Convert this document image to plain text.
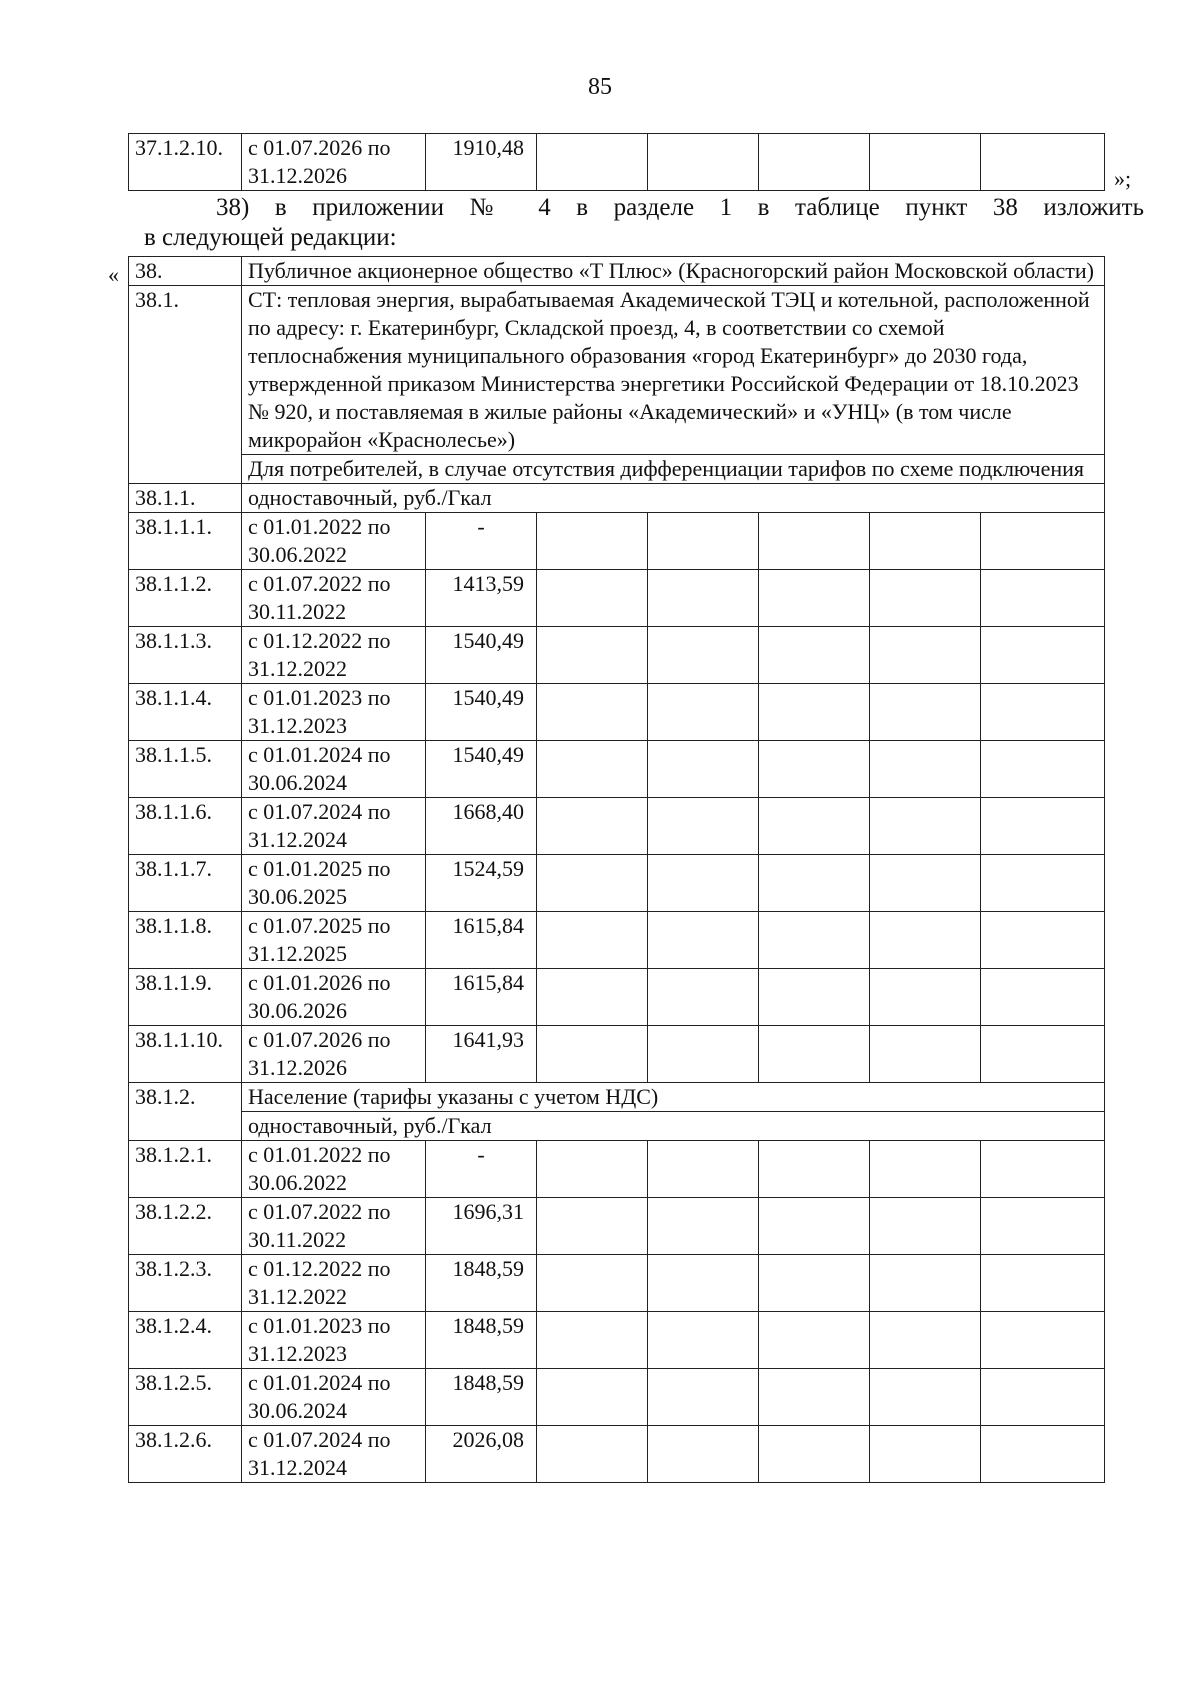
85
37.1.2.10.	с 01.07.2026 по 31.12.2026	1910,48					
»;
38) в приложении № 4 в разделе 1 в таблице пункт 38 изложить
в следующей редакции:
« 38.	Публичное акционерное общество «Т Плюс» (Красногорский район Московской области)						
38.1.	СТ: тепловая энергия, вырабатываемая Академической ТЭЦ и котельной, расположенной по адресу: г. Екатеринбург, Складской проезд, 4, в соответствии со схемой теплоснабжения муниципального образования «город Екатеринбург» до 2030 года, утвержденной приказом Министерства энергетики Российской Федерации от 18.10.2023 № 920, и поставляемая в жилые районы «Академический» и «УНЦ» (в том числе микрорайон «Краснолесье»)						
	Для потребителей, в случае отсутствия дифференциации тарифов по схеме подключения						
38.1.1.	одноставочный, руб./Гкал						
38.1.1.1.	с 01.01.2022 по 30.06.2022	-					
38.1.1.2.	с 01.07.2022 по 30.11.2022	1413,59					
38.1.1.3.	с 01.12.2022 по 31.12.2022	1540,49					
38.1.1.4.	с 01.01.2023 по 31.12.2023	1540,49					
38.1.1.5.	с 01.01.2024 по 30.06.2024	1540,49					
38.1.1.6.	с 01.07.2024 по 31.12.2024	1668,40					
38.1.1.7.	с 01.01.2025 по 30.06.2025	1524,59					
38.1.1.8.	с 01.07.2025 по 31.12.2025	1615,84					
38.1.1.9.	с 01.01.2026 по 30.06.2026	1615,84					
38.1.1.10.	с 01.07.2026 по 31.12.2026	1641,93					
38.1.2.	Население (тарифы указаны с учетом НДС)						
	одноставочный, руб./Гкал						
38.1.2.1.	с 01.01.2022 по 30.06.2022	-					
38.1.2.2.	с 01.07.2022 по 30.11.2022	1696,31					
38.1.2.3.	с 01.12.2022 по 31.12.2022	1848,59					
38.1.2.4.	с 01.01.2023 по 31.12.2023	1848,59					
38.1.2.5.	с 01.01.2024 по 30.06.2024	1848,59					
38.1.2.6.	с 01.07.2024 по 31.12.2024	2026,08					
